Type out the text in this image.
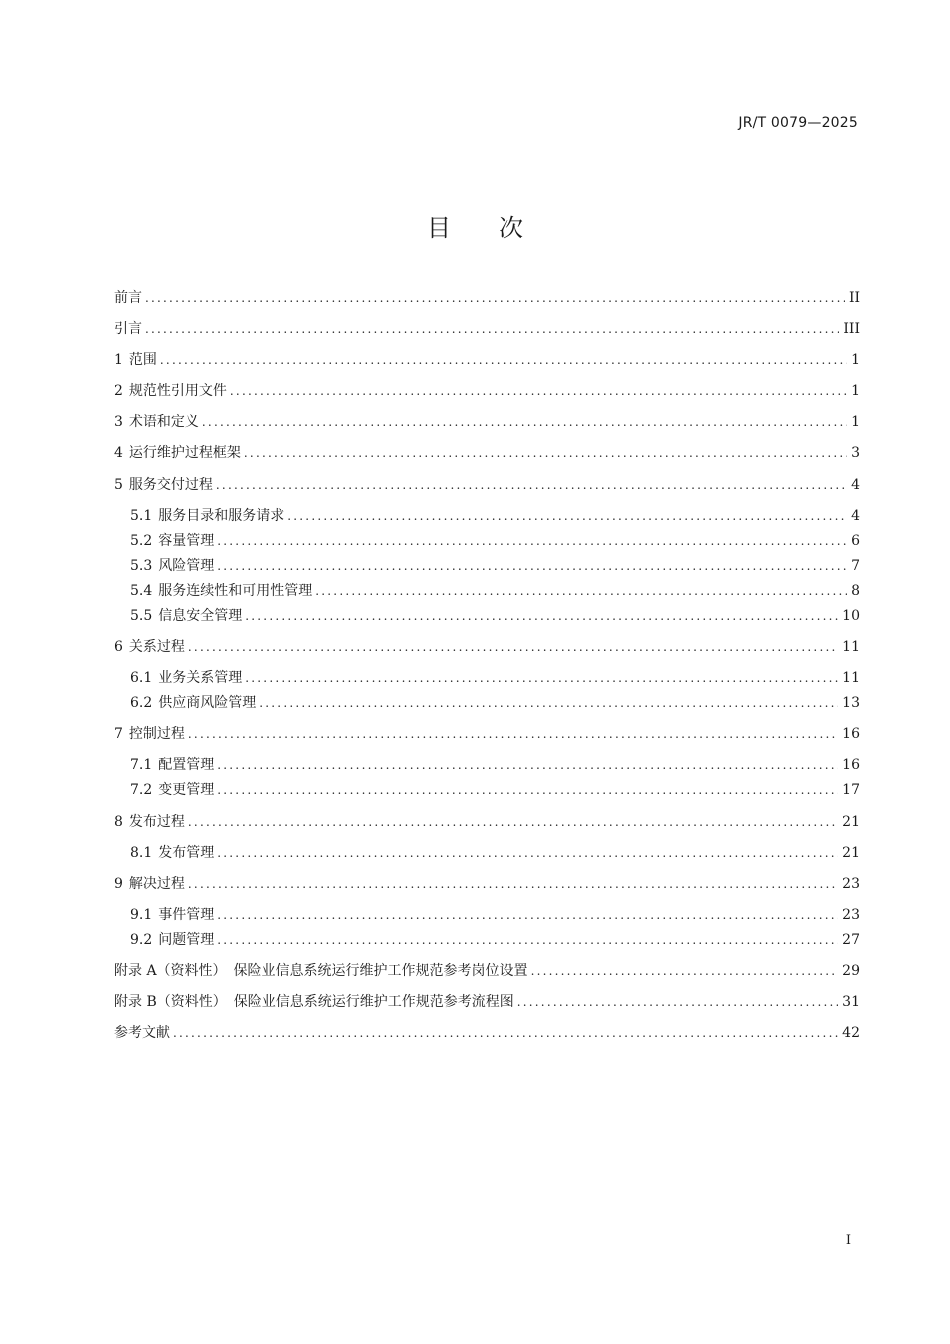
JR/T 0079—2025
目 次
前言 .....	II
引言 .....	III
1 范围 .....	1
2 规范性引用文件 .....	1
3 术语和定义 .....	1
4 运行维护过程框架 .....	3
5 服务交付过程 .....	4
5.1 服务目录和服务请求 .....	4
5.2 容量管理 .....	6
5.3 风险管理 .....	7
5.4 服务连续性和可用性管理 .....	8
5.5 信息安全管理 .....	10
6 关系过程 .....	11
6.1 业务关系管理 .....	11
6.2 供应商风险管理 .....	13
7 控制过程 .....	16
7.1 配置管理 .....	16
7.2 变更管理 .....	17
8 发布过程 .....	21
8.1 发布管理 .....	21
9 解决过程 .....	23
9.1 事件管理 .....	23
9.2 问题管理 .....	27
附录 A（资料性）　保险业信息系统运行维护工作规范参考岗位设置 .....	29
附录 B（资料性）　保险业信息系统运行维护工作规范参考流程图 .....	31
参考文献 .....	42
I
